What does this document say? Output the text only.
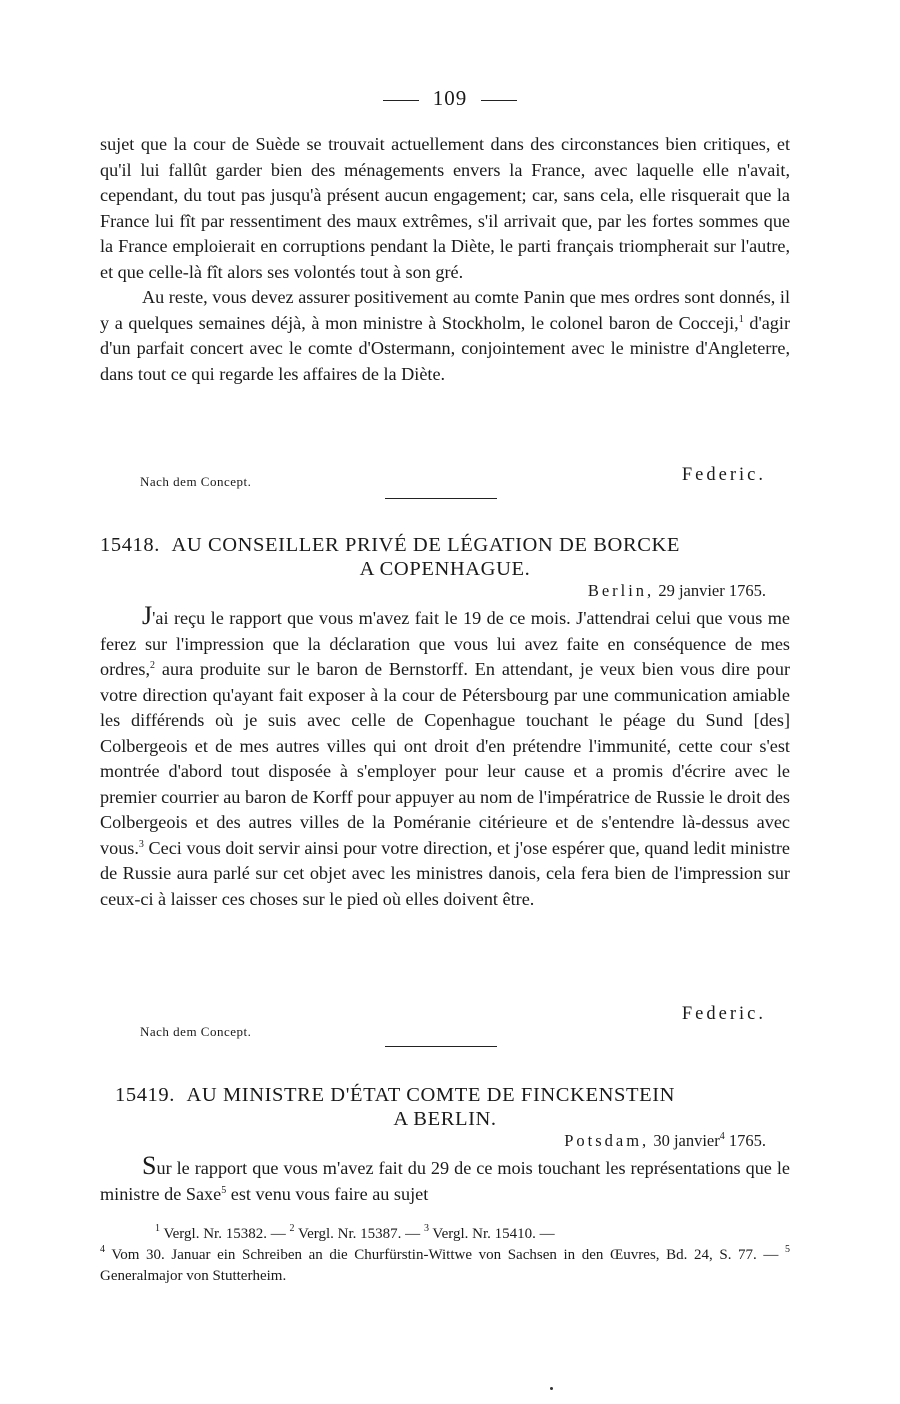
109

sujet que la cour de Suède se trouvait actuellement dans des circonstances bien critiques, et qu'il lui fallût garder bien des ménagements envers la France, avec laquelle elle n'avait, cependant, du tout pas jusqu'à présent aucun engagement; car, sans cela, elle risquerait que la France lui fît par ressentiment des maux extrêmes, s'il arrivait que, par les fortes sommes que la France emploierait en corruptions pendant la Diète, le parti français triompherait sur l'autre, et que celle-là fît alors ses volontés tout à son gré.

Au reste, vous devez assurer positivement au comte Panin que mes ordres sont donnés, il y a quelques semaines déjà, à mon ministre à Stockholm, le colonel baron de Cocceji,$^1$ d'agir d'un parfait concert avec le comte d'Ostermann, conjointement avec le ministre d'Angleterre, dans tout ce qui regarde les affaires de la Diète.

Nach dem Concept.	Federic.
15418. AU CONSEILLER PRIVÉ DE LÉGATION DE BORCKE
A COPENHAGUE.
Berlin, 29 janvier 1765.

J'ai reçu le rapport que vous m'avez fait le 19 de ce mois. J'attendrai celui que vous me ferez sur l'impression que la déclaration que vous lui avez faite en conséquence de mes ordres,$^2$ aura produite sur le baron de Bernstorff. En attendant, je veux bien vous dire pour votre direction qu'ayant fait exposer à la cour de Pétersbourg par une communication amiable les différends où je suis avec celle de Copenhague touchant le péage du Sund [des] Colbergeois et de mes autres villes qui ont droit d'en prétendre l'immunité, cette cour s'est montrée d'abord tout disposée à s'employer pour leur cause et a promis d'écrire avec le premier courrier au baron de Korff pour appuyer au nom de l'impératrice de Russie le droit des Colbergeois et des autres villes de la Poméranie citérieure et de s'entendre là-dessus avec vous.$^3$ Ceci vous doit servir ainsi pour votre direction, et j'ose espérer que, quand ledit ministre de Russie aura parlé sur cet objet avec les ministres danois, cela fera bien de l'impression sur ceux-ci à laisser ces choses sur le pied où elles doivent être.

Nach dem Concept.
Federic.
15419. AU MINISTRE D'ÉTAT COMTE DE FINCKENSTEIN
A BERLIN.
Potsdam, 30 janvier$^4$ 1765.

Sur le rapport que vous m'avez fait du 29 de ce mois touchant les représentations que le ministre de Saxe$^5$ est venu vous faire au sujet

$^1$ Vergl. Nr. 15382. — $^2$ Vergl. Nr. 15387. — $^3$ Vergl. Nr. 15410. —

$^4$ Vom 30. Januar ein Schreiben an die Churfürstin-Wittwe von Sachsen in den Œuvres, Bd. 24, S. 77. — $^5$ Generalmajor von Stutterheim.
